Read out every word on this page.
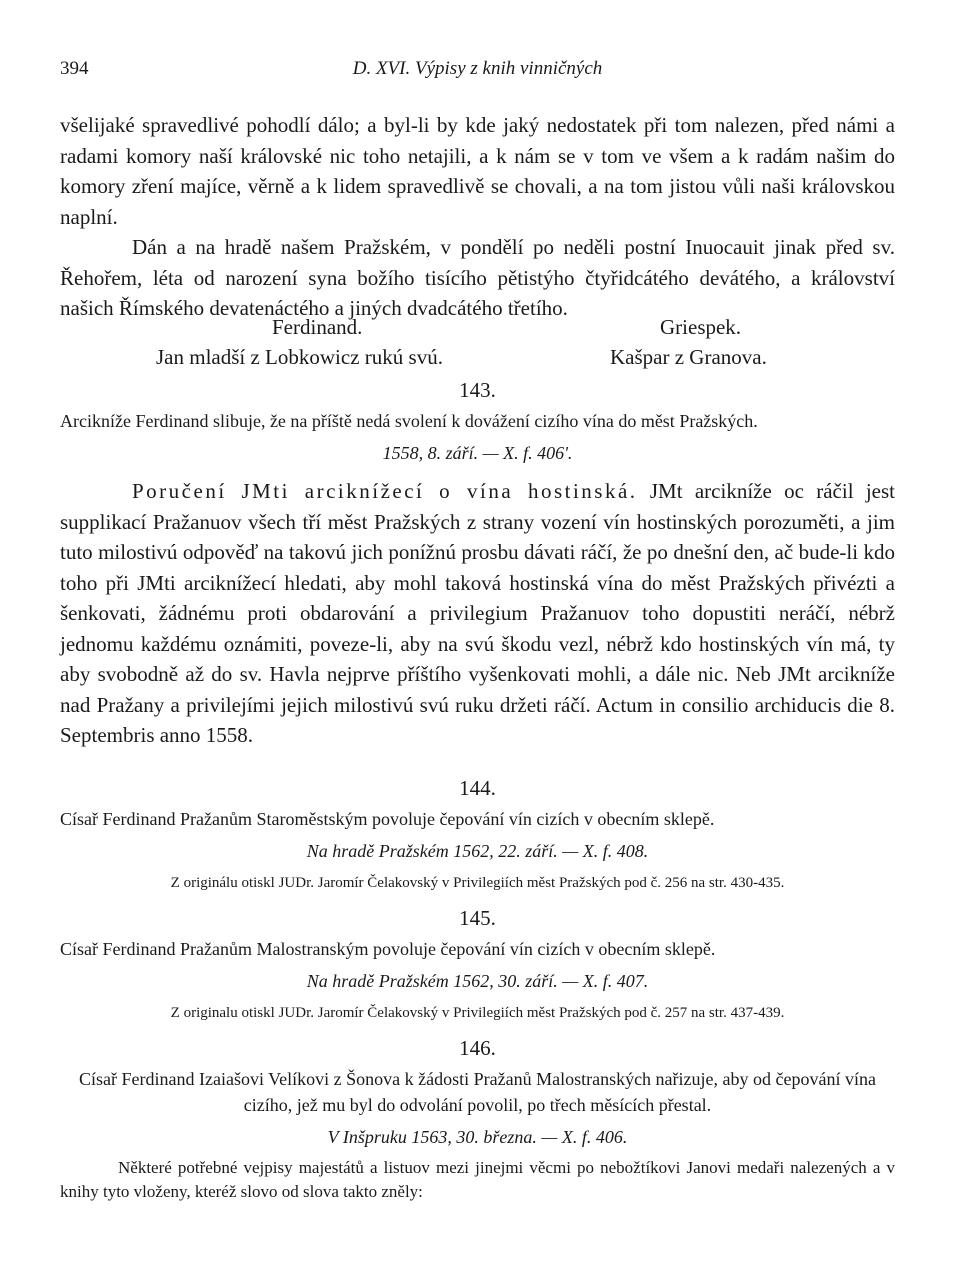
394	D. XVI. Výpisy z knih vinničných

všelijaké spravedlivé pohodlí dálo; a byl-li by kde jaký nedostatek při tom nalezen, před námi a radami komory naší královské nic toho netajili, a k nám se v tom ve všem a k radám našim do komory zření majíce, věrně a k lidem spravedlivě se chovali, a na tom jistou vůli naši královskou naplní.

Dán a na hradě našem Pražském, v pondělí po neděli postní Inuocauit jinak před sv. Řehořem, léta od narození syna božího tisícího pětistýho čtyřidcátého devátého, a království našich Římského devatenáctého a jiných dvadcátého třetího.

Ferdinand.	Griespek.
Jan mladší z Lobkowicz rukú svú.	Kašpar z Granova.
143.
Arcikníže Ferdinand slibuje, že na příště nedá svolení k dovážení cizího vína do měst Pražských.
1558, 8. září. — X. f. 406'.

Poručení JMti arciknížecí o vína hostinská. JMt arcikníže oc ráčil jest supplikací Pražanuov všech tří měst Pražských z strany vození vín hostinských porozuměti, a jim tuto milostivú odpověď na takovú jich ponížnú prosbu dávati ráčí, že po dnešní den, ač bude-li kdo toho při JMti arciknížecí hledati, aby mohl taková hostinská vína do měst Pražských přivézti a šenkovati, žádnému proti obdarování a privilegium Pražanuov toho dopustiti neráčí, nébrž jednomu každému oznámiti, poveze-li, aby na svú škodu vezl, nébrž kdo hostinských vín má, ty aby svobodně až do sv. Havla nejprve příštího vyšenkovati mohli, a dále nic. Neb JMt arcikníže nad Pražany a privilejími jejich milostivú svú ruku držeti ráčí. Actum in consilio archiducis die 8. Septembris anno 1558.

144.
Císař Ferdinand Pražanům Staroměstským povoluje čepování vín cizích v obecním sklepě.
Na hradě Pražském 1562, 22. září. — X. f. 408.
Z originálu otiskl JUDr. Jaromír Čelakovský v Privilegiích měst Pražských pod č. 256 na str. 430-435.
145.
Císař Ferdinand Pražanům Malostranským povoluje čepování vín cizích v obecním sklepě.
Na hradě Pražském 1562, 30. září. — X. f. 407.
Z originalu otiskl JUDr. Jaromír Čelakovský v Privilegiích měst Pražských pod č. 257 na str. 437-439.
146.
Císař Ferdinand Izaiašovi Velíkovi z Šonova k žádosti Pražanů Malostranských nařizuje, aby od čepování vína cizího, jež mu byl do odvolání povolil, po třech měsících přestal.
V Inšpruku 1563, 30. března. — X. f. 406.
Některé potřebné vejpisy majestátů a listuov mezi jinejmi věcmi po nebožtíkovi Janovi medaři nalezených a v knihy tyto vloženy, kteréž slovo od slova takto zněly:
